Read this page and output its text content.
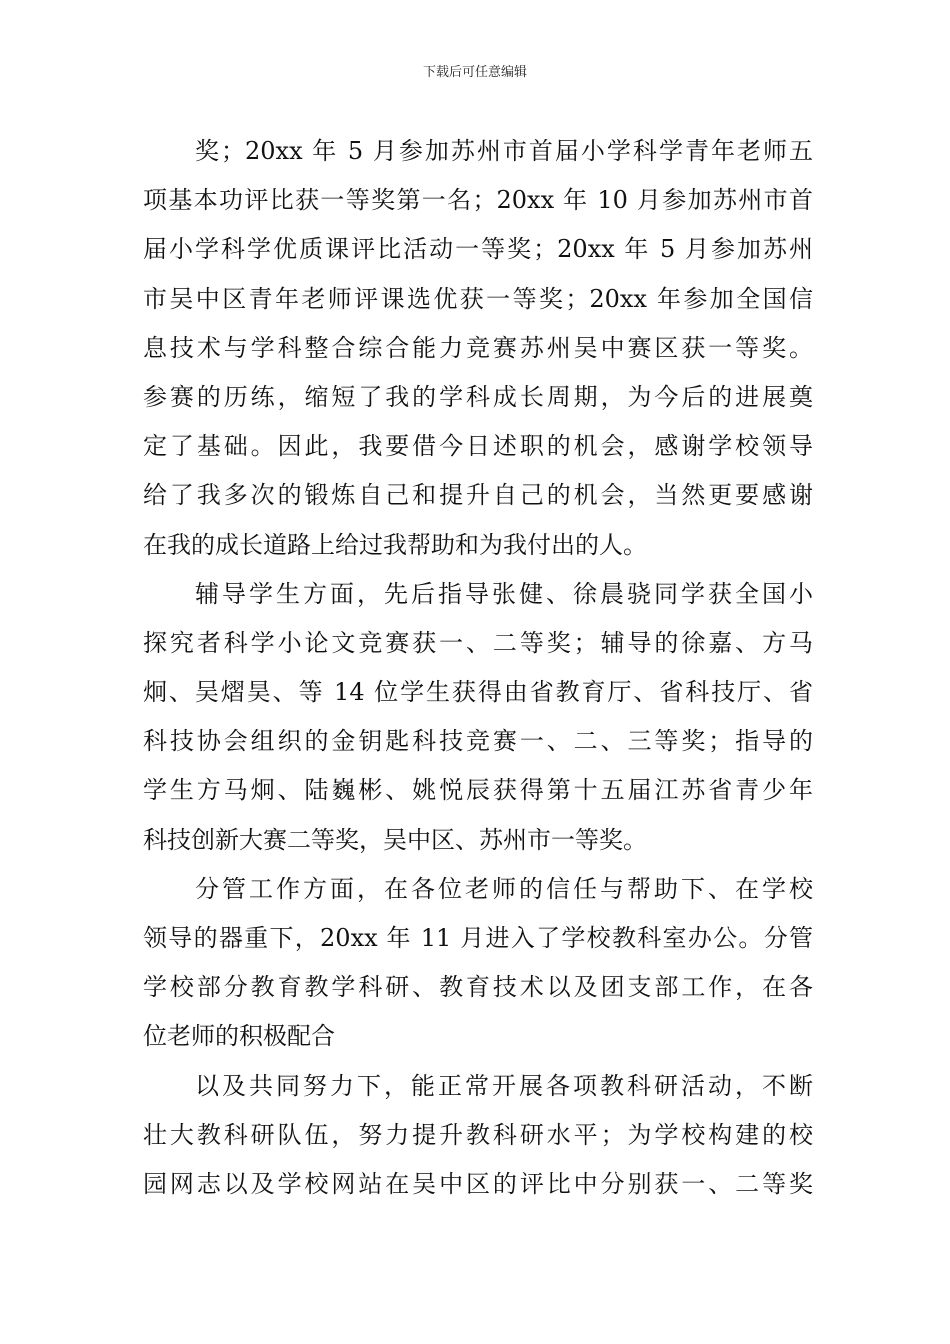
下载后可任意编辑
奖；20xx 年 5 月参加苏州市首届小学科学青年老师五
项基本功评比获一等奖第一名；20xx 年 10 月参加苏州市首
届小学科学优质课评比活动一等奖；20xx 年 5 月参加苏州
市吴中区青年老师评课选优获一等奖；20xx 年参加全国信
息技术与学科整合综合能力竞赛苏州吴中赛区获一等奖。
参赛的历练，缩短了我的学科成长周期，为今后的进展奠
定了基础。因此，我要借今日述职的机会，感谢学校领导
给了我多次的锻炼自己和提升自己的机会，当然更要感谢
在我的成长道路上给过我帮助和为我付出的人。
辅导学生方面，先后指导张健、徐晨骁同学获全国小
探究者科学小论文竞赛获一、二等奖；辅导的徐嘉、方马
炯、吴熠昊、等 14 位学生获得由省教育厅、省科技厅、省
科技协会组织的金钥匙科技竞赛一、二、三等奖；指导的
学生方马炯、陆巍彬、姚悦辰获得第十五届江苏省青少年
科技创新大赛二等奖，吴中区、苏州市一等奖。
分管工作方面，在各位老师的信任与帮助下、在学校
领导的器重下，20xx 年 11 月进入了学校教科室办公。分管
学校部分教育教学科研、教育技术以及团支部工作，在各
位老师的积极配合
以及共同努力下，能正常开展各项教科研活动，不断
壮大教科研队伍，努力提升教科研水平；为学校构建的校
园网志以及学校网站在吴中区的评比中分别获一、二等奖
